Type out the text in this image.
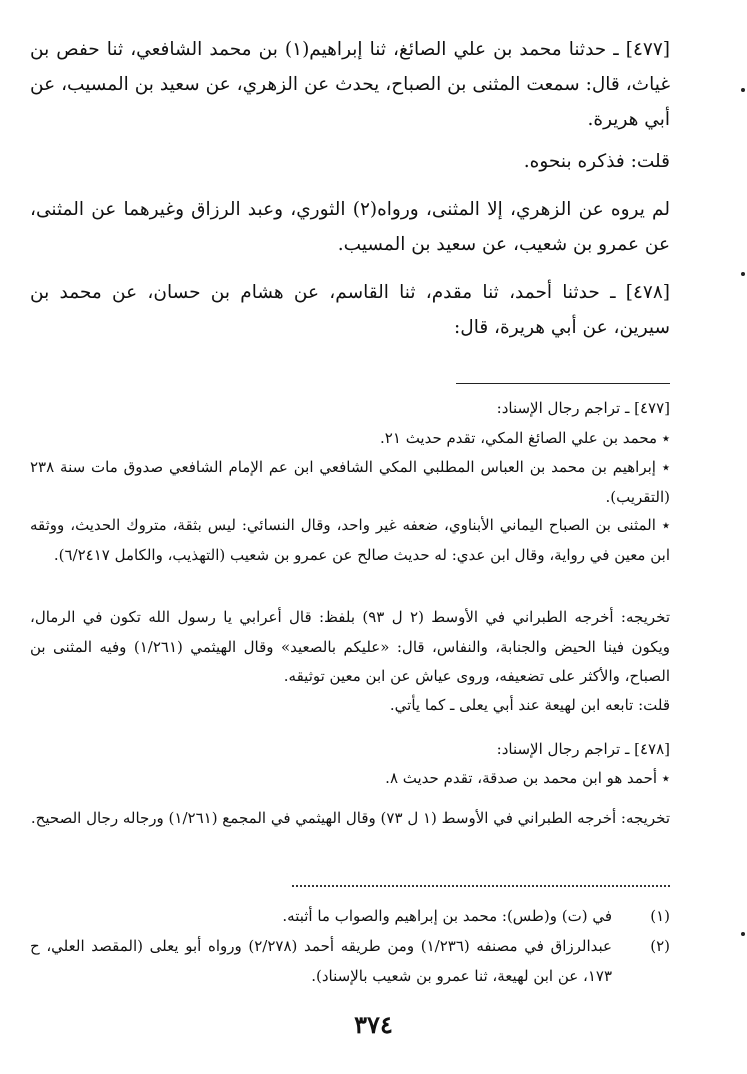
[٤٧٧] ـ حدثنا محمد بن علي الصائغ، ثنا إبراهيم(١) بن محمد الشافعي، ثنا حفص بن غياث، قال: سمعت المثنى بن الصباح، يحدث عن الزهري، عن سعيد بن المسيب، عن أبي هريرة.

قلت: فذكره بنحوه.

لم يروه عن الزهري، إلا المثنى، ورواه(٢) الثوري، وعبد الرزاق وغيرهما عن المثنى، عن عمرو بن شعيب، عن سعيد بن المسيب.

[٤٧٨] ـ حدثنا أحمد، ثنا مقدم، ثنا القاسم، عن هشام بن حسان، عن محمد بن سيرين، عن أبي هريرة، قال:

[٤٧٧] ـ تراجم رجال الإسناد:

٭ محمد بن علي الصائغ المكي، تقدم حديث ٢١.

٭ إبراهيم بن محمد بن العباس المطلبي المكي الشافعي ابن عم الإمام الشافعي صدوق مات سنة ٢٣٨ (التقريب).

٭ المثنى بن الصباح اليماني الأبناوي، ضعفه غير واحد، وقال النسائي: ليس بثقة، متروك الحديث، ووثقه ابن معين في رواية، وقال ابن عدي: له حديث صالح عن عمرو بن شعيب (التهذيب، والكامل ٦/٢٤١٧).

تخريجه: أخرجه الطبراني في الأوسط (٢ ل ٩٣) بلفظ: قال أعرابي يا رسول الله تكون في الرمال، ويكون فينا الحيض والجنابة، والنفاس، قال: «عليكم بالصعيد» وقال الهيثمي (١/٢٦١) وفيه المثنى بن الصباح، والأكثر على تضعيفه، وروى عياش عن ابن معين توثيقه.

قلت: تابعه ابن لهيعة عند أبي يعلى ـ كما يأتي.

[٤٧٨] ـ تراجم رجال الإسناد:

٭ أحمد هو ابن محمد بن صدقة، تقدم حديث ٨.

تخريجه: أخرجه الطبراني في الأوسط (١ ل ٧٣) وقال الهيثمي في المجمع (١/٢٦١) ورجاله رجال الصحيح.

(١)
في (ت) و(طس): محمد بن إبراهيم والصواب ما أثبته.
(٢)
عبدالرزاق في مصنفه (١/٢٣٦) ومن طريقه أحمد (٢/٢٧٨) ورواه أبو يعلى (المقصد العلي، ح ١٧٣، عن ابن لهيعة، ثنا عمرو بن شعيب بالإسناد).
٣٧٤
